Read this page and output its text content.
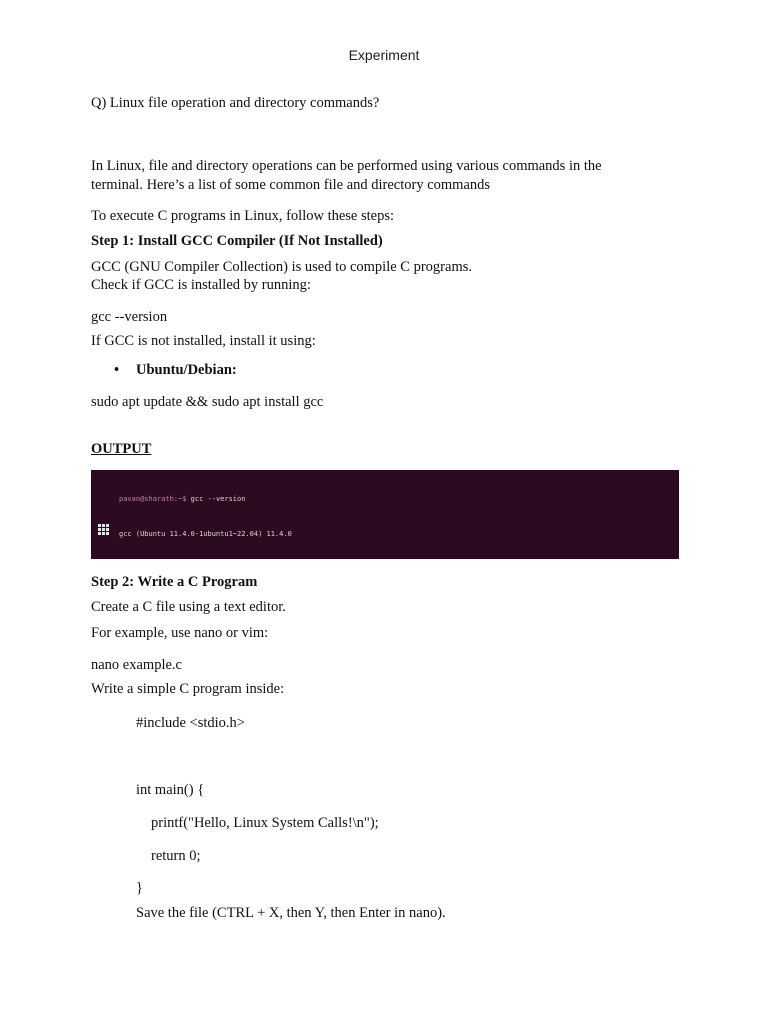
Experiment
Q) Linux file operation and directory commands?
In Linux, file and directory operations can be performed using various commands in the
terminal. Here’s a list of some common file and directory commands
To execute C programs in Linux, follow these steps:
Step 1: Install GCC Compiler (If Not Installed)
GCC (GNU Compiler Collection) is used to compile C programs.
Check if GCC is installed by running:
gcc --version
If GCC is not installed, install it using:
• Ubuntu/Debian:
sudo apt update && sudo apt install gcc
OUTPUT

pavan@sharath:~$ gcc --version

gcc (Ubuntu 11.4.0-1ubuntu1~22.04) 11.4.0

Step 2: Write a C Program
Create a C file using a text editor.
For example, use nano or vim:
nano example.c
Write a simple C program inside:
#include <stdio.h>
int main() {
printf("Hello, Linux System Calls!\n");
return 0;
}
Save the file (CTRL + X, then Y, then Enter in nano).
